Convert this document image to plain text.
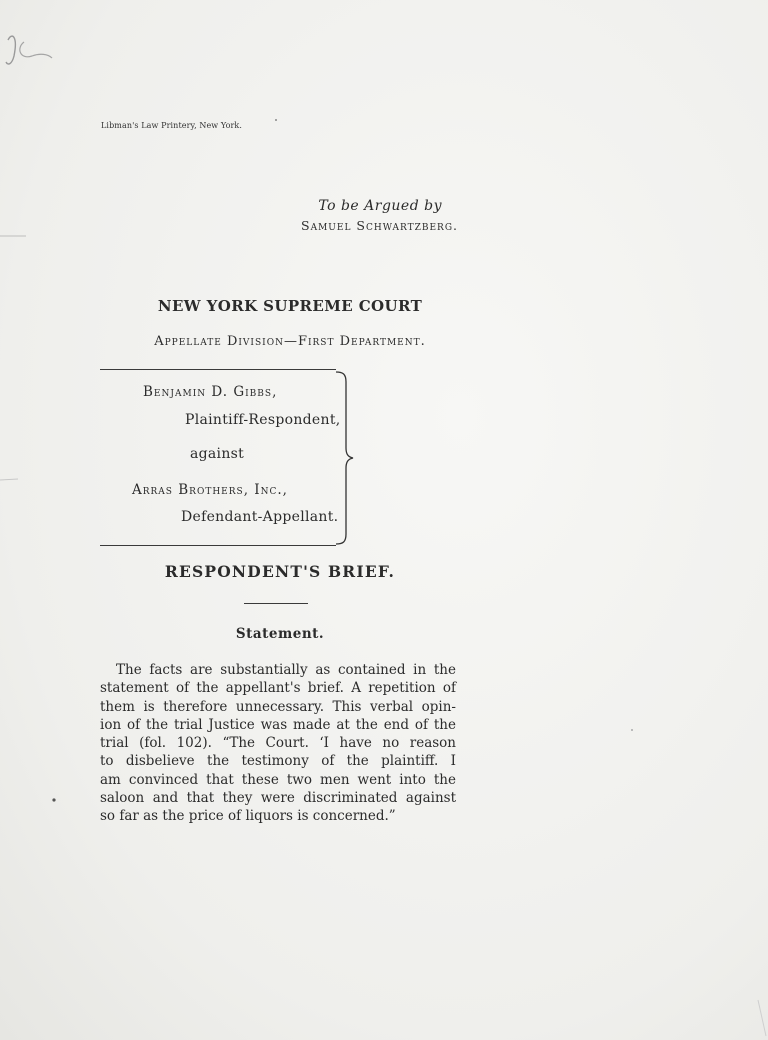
Libman's Law Printery, New York.
To be Argued by
Samuel Schwartzberg.
NEW YORK SUPREME COURT
Appellate Division—First Department.
Benjamin D. Gibbs,
Plaintiff-Respondent,
against
Arras Brothers, Inc.,
Defendant-Appellant.
RESPONDENT'S BRIEF.
Statement.
The facts are substantially as contained in the
statement of the appellant's brief. A repetition of
them is therefore unnecessary. This verbal opin-
ion of the trial Justice was made at the end of the
trial (fol. 102). “The Court. ‘I have no reason
to disbelieve the testimony of the plaintiff. I
am convinced that these two men went into the
saloon and that they were discriminated against
so far as the price of liquors is concerned.”
